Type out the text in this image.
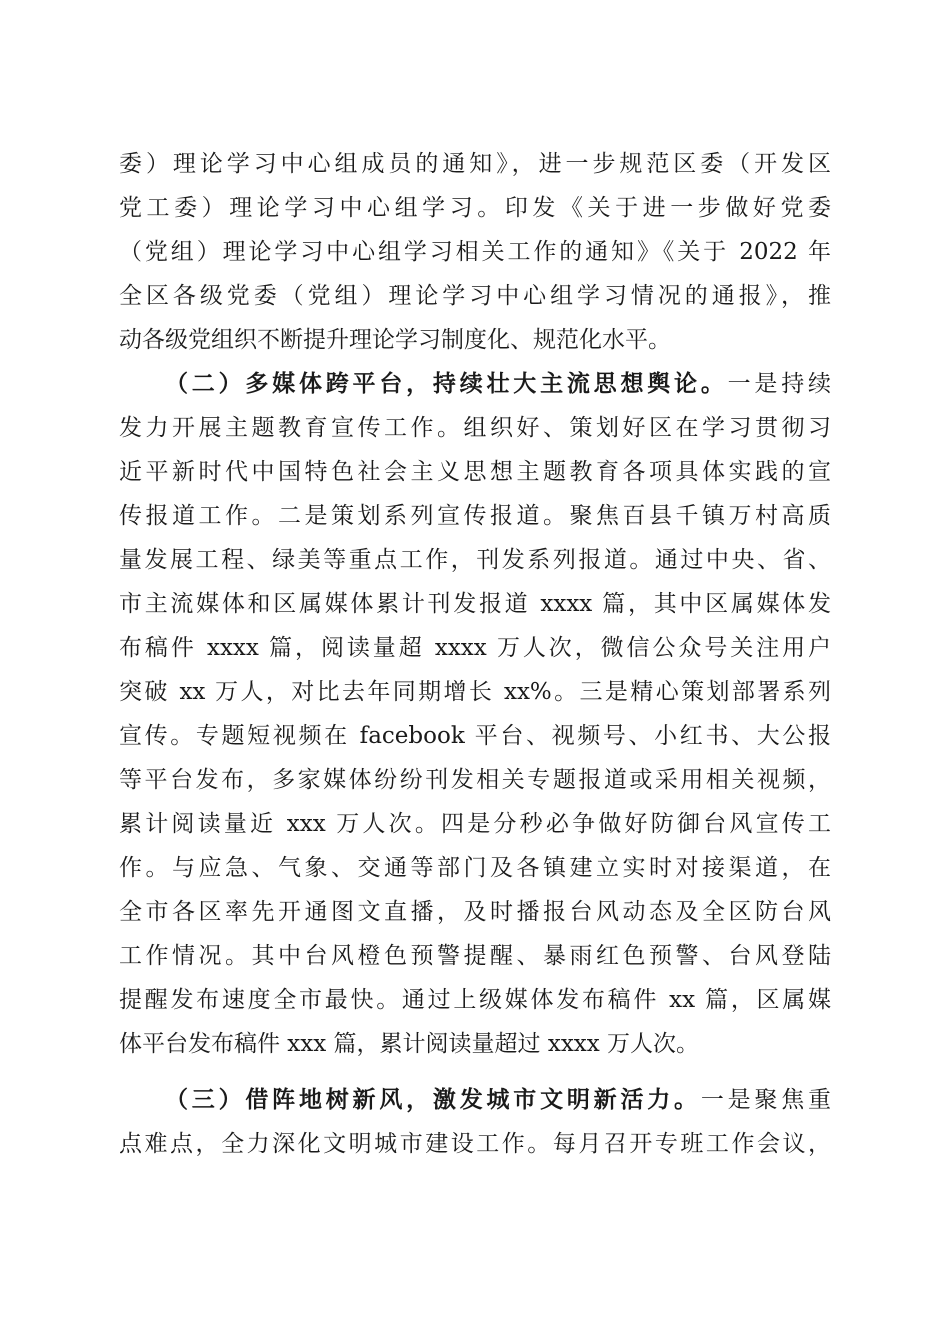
委）理论学习中心组成员的通知》，进一步规范区委（开发区
党工委）理论学习中心组学习。印发《关于进一步做好党委
（党组）理论学习中心组学习相关工作的通知》《关于 2022 年
全区各级党委（党组）理论学习中心组学习情况的通报》，推
动各级党组织不断提升理论学习制度化、规范化水平。
（二）多媒体跨平台，持续壮大主流思想舆论。一是持续
发力开展主题教育宣传工作。组织好、策划好区在学习贯彻习
近平新时代中国特色社会主义思想主题教育各项具体实践的宣
传报道工作。二是策划系列宣传报道。聚焦百县千镇万村高质
量发展工程、绿美等重点工作，刊发系列报道。通过中央、省、
市主流媒体和区属媒体累计刊发报道 xxxx 篇，其中区属媒体发
布稿件 xxxx 篇，阅读量超 xxxx 万人次，微信公众号关注用户
突破 xx 万人，对比去年同期增长 xx%。三是精心策划部署系列
宣传。专题短视频在 facebook 平台、视频号、小红书、大公报
等平台发布，多家媒体纷纷刊发相关专题报道或采用相关视频，
累计阅读量近 xxx 万人次。四是分秒必争做好防御台风宣传工
作。与应急、气象、交通等部门及各镇建立实时对接渠道，在
全市各区率先开通图文直播，及时播报台风动态及全区防台风
工作情况。其中台风橙色预警提醒、暴雨红色预警、台风登陆
提醒发布速度全市最快。通过上级媒体发布稿件 xx 篇，区属媒
体平台发布稿件 xxx 篇，累计阅读量超过 xxxx 万人次。
（三）借阵地树新风，激发城市文明新活力。一是聚焦重
点难点，全力深化文明城市建设工作。每月召开专班工作会议，
